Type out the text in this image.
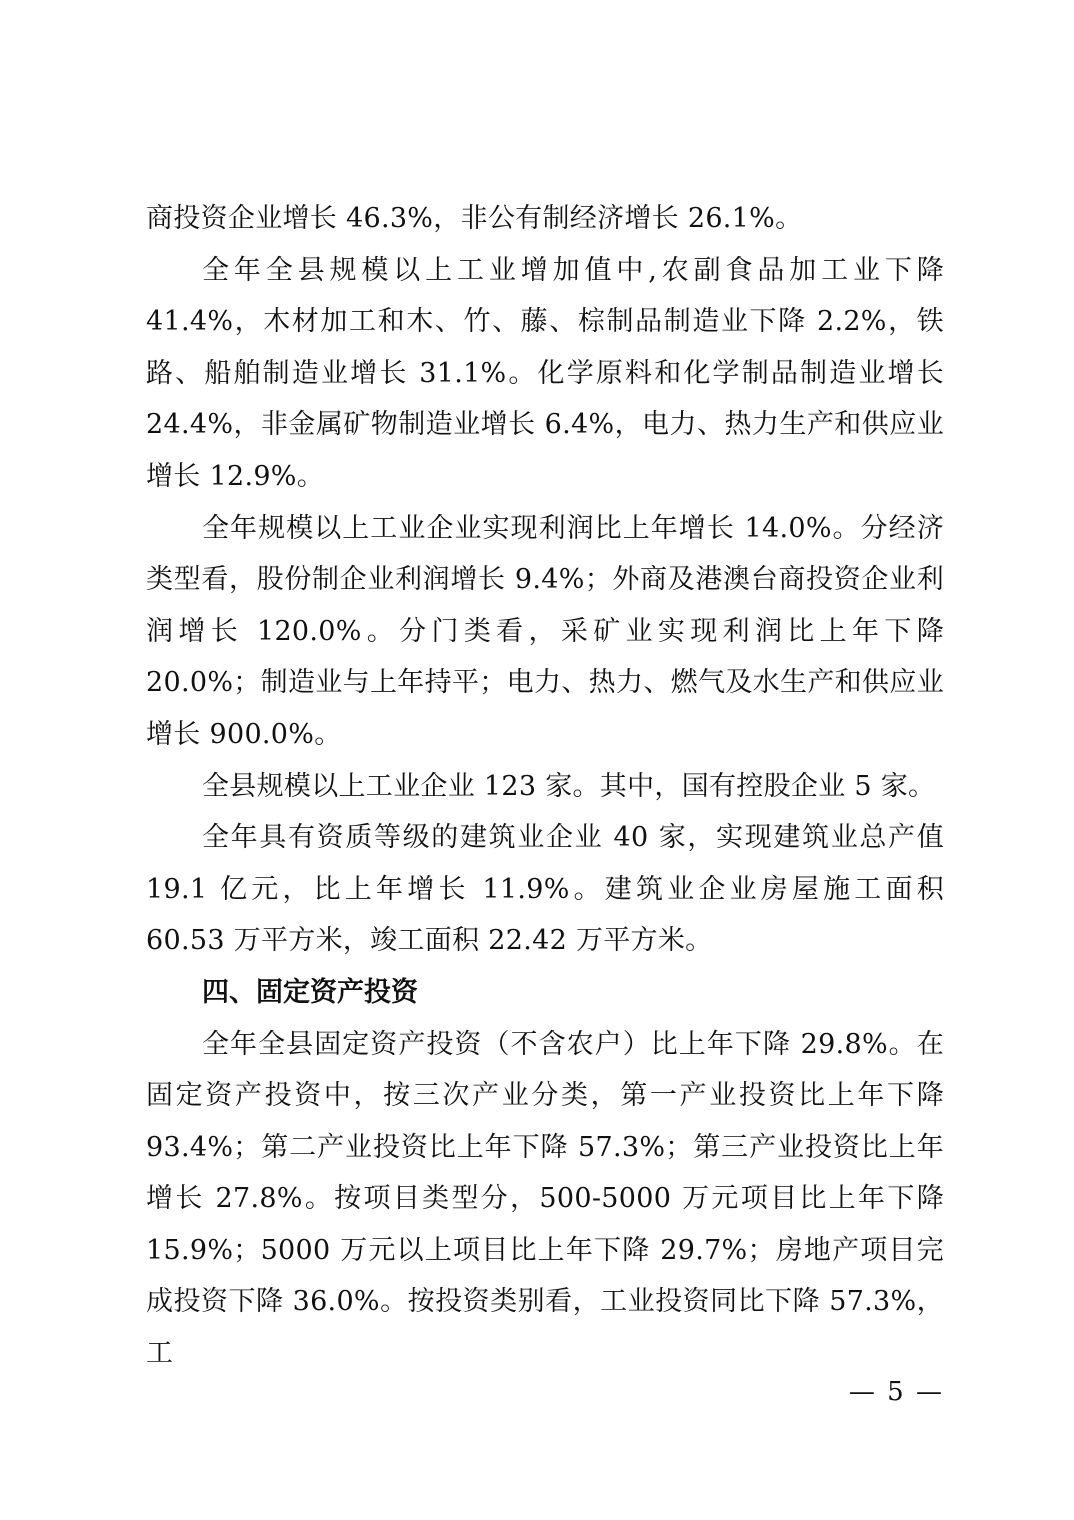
商投资企业增长 46.3%，非公有制经济增长 26.1%。

全年全县规模以上工业增加值中,农副食品加工业下降 41.4%，木材加工和木、竹、藤、棕制品制造业下降 2.2%，铁路、船舶制造业增长 31.1%。化学原料和化学制品制造业增长 24.4%，非金属矿物制造业增长 6.4%，电力、热力生产和供应业增长 12.9%。

全年规模以上工业企业实现利润比上年增长 14.0%。分经济类型看，股份制企业利润增长 9.4%；外商及港澳台商投资企业利润增长 120.0%。分门类看，采矿业实现利润比上年下降 20.0%；制造业与上年持平；电力、热力、燃气及水生产和供应业增长 900.0%。

全县规模以上工业企业 123 家。其中，国有控股企业 5 家。

全年具有资质等级的建筑业企业 40 家，实现建筑业总产值 19.1 亿元，比上年增长 11.9%。建筑业企业房屋施工面积 60.53 万平方米，竣工面积 22.42 万平方米。

四、固定资产投资

全年全县固定资产投资（不含农户）比上年下降 29.8%。在固定资产投资中，按三次产业分类，第一产业投资比上年下降 93.4%；第二产业投资比上年下降 57.3%；第三产业投资比上年增长 27.8%。按项目类型分，500-5000 万元项目比上年下降 15.9%；5000 万元以上项目比上年下降 29.7%；房地产项目完成投资下降 36.0%。按投资类别看，工业投资同比下降 57.3%，工

— 5 —
